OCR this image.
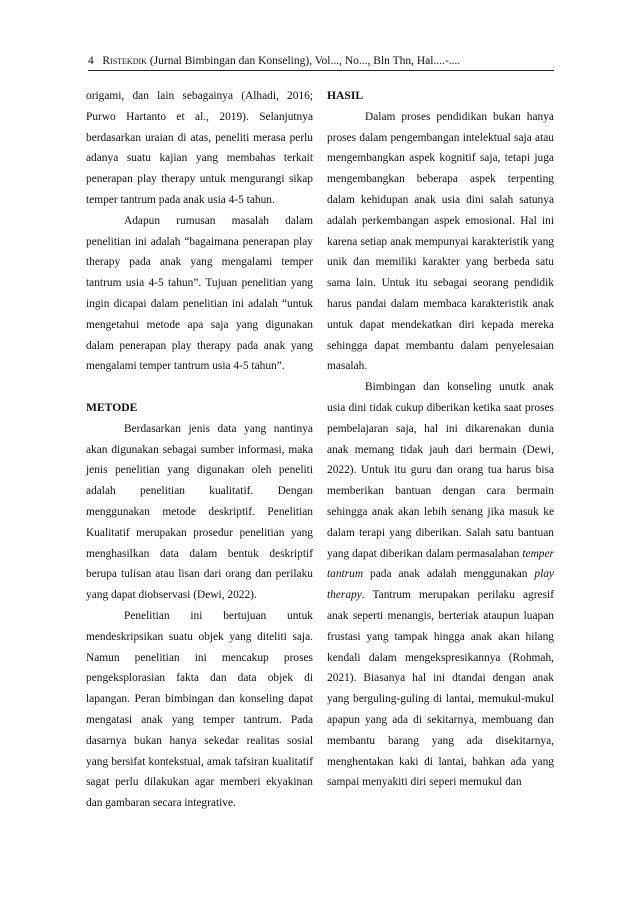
4 Ristekdik (Jurnal Bimbingan dan Konseling), Vol..., No..., Bln Thn, Hal....-....

origami, dan lain sebagainya (Alhadi, 2016; Purwo Hartanto et al., 2019). Selanjutnya berdasarkan uraian di atas, peneliti merasa perlu adanya suatu kajian yang membahas terkait penerapan play therapy untuk mengurangi sikap temper tantrum pada anak usia 4-5 tahun.

Adapun rumusan masalah dalam penelitian ini adalah “bagaimana penerapan play therapy pada anak yang mengalami temper tantrum usia 4-5 tahun”. Tujuan penelitian yang ingin dicapai dalam penelitian ini adalah “untuk mengetahui metode apa saja yang digunakan dalam penerapan play therapy pada anak yang mengalami temper tantrum usia 4-5 tahun”.

METODE

Berdasarkan jenis data yang nantinya akan digunakan sebagai sumber informasi, maka jenis penelitian yang digunakan oleh peneliti adalah penelitian kualitatif. Dengan menggunakan metode deskriptif. Penelitian Kualitatif merupakan prosedur penelitian yang menghasilkan data dalam bentuk deskriptif berupa tulisan atau lisan dari orang dan perilaku yang dapat diobservasi (Dewi, 2022).

Penelitian ini bertujuan untuk mendeskripsikan suatu objek yang diteliti saja. Namun penelitian ini mencakup proses pengeksplorasian fakta dan data objek di lapangan. Peran bimbingan dan konseling dapat mengatasi anak yang temper tantrum. Pada dasarnya bukan hanya sekedar realitas sosial yang bersifat kontekstual, amak tafsiran kualitatif sagat perlu dilakukan agar memberi ekyakinan dan gambaran secara integrative.

HASIL

Dalam proses pendidikan bukan hanya proses dalam pengembangan intelektual saja atau mengembangkan aspek kognitif saja, tetapi juga mengembangkan beberapa aspek terpenting dalam kehidupan anak usia dini salah satunya adalah perkembangan aspek emosional. Hal ini karena setiap anak mempunyai karakteristik yang unik dan memiliki karakter yang berbeda satu sama lain. Untuk itu sebagai seorang pendidik harus pandai dalam membaca karakteristik anak untuk dapat mendekatkan diri kepada mereka sehingga dapat membantu dalam penyelesaian masalah.

Bimbingan dan konseling unutk anak usia dini tidak cukup diberikan ketika saat proses pembelajaran saja, hal ini dikarenakan dunia anak memang tidak jauh dari bermain (Dewi, 2022). Untuk itu guru dan orang tua harus bisa memberikan bantuan dengan cara bermain sehingga anak akan lebih senang jika masuk ke dalam terapi yang diberikan. Salah satu bantuan yang dapat diberikan dalam permasalahan temper tantrum pada anak adalah menggunakan play therapy. Tantrum merupakan perilaku agresif anak seperti menangis, berteriak ataupun luapan frustasi yang tampak hingga anak akan hilang kendali dalam mengekspresikannya (Rohmah, 2021). Biasanya hal ini dtandai dengan anak yang berguling-guling di lantai, memukul-mukul apapun yang ada di sekitarnya, membuang dan membantu barang yang ada disekitarnya, menghentakan kaki di lantai, bahkan ada yang sampai menyakiti diri seperi memukul dan
